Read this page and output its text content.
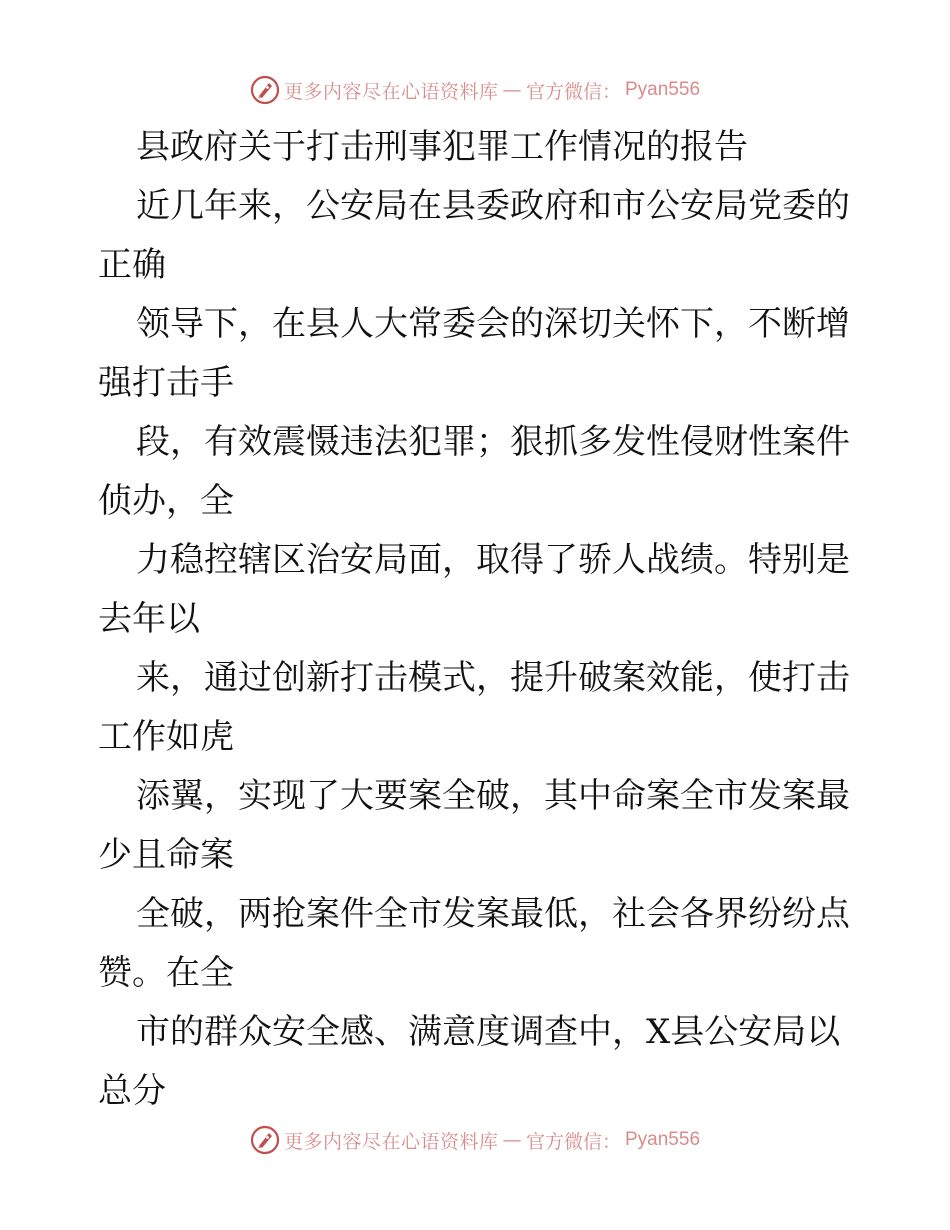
更多内容尽在心语资料库 — 官方微信： Pyan556
县政府关于打击刑事犯罪工作情况的报告
近几年来，公安局在县委政府和市公安局党委的
正确
领导下，在县人大常委会的深切关怀下，不断增
强打击手
段，有效震慑违法犯罪；狠抓多发性侵财性案件
侦办，全
力稳控辖区治安局面，取得了骄人战绩。特别是
去年以
来，通过创新打击模式，提升破案效能，使打击
工作如虎
添翼，实现了大要案全破，其中命案全市发案最
少且命案
全破，两抢案件全市发案最低，社会各界纷纷点
赞。在全
市的群众安全感、满意度调查中，X县公安局以
总分
更多内容尽在心语资料库 — 官方微信： Pyan556
